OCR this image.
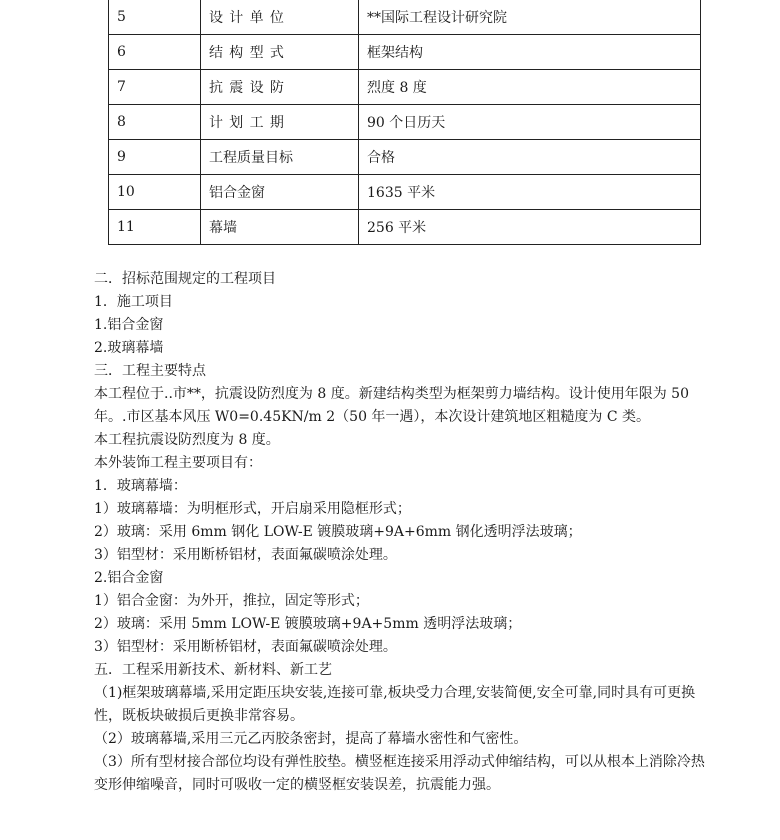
5	设计单位	**国际工程设计研究院
6	结构型式	框架结构
7	抗震设防	烈度 8 度
8	计划工期	90 个日历天
9	工程质量目标	合格
10	铝合金窗	1635 平米
11	幕墙	256 平米

二．招标范围规定的工程项目

1．施工项目

1.铝合金窗

2.玻璃幕墙

三．工程主要特点

本工程位于..市**，抗震设防烈度为 8 度。新建结构类型为框架剪力墙结构。设计使用年限为 50 年。.市区基本风压 W0=0.45KN/m 2（50 年一遇），本次设计建筑地区粗糙度为 C 类。

本工程抗震设防烈度为 8 度。

本外装饰工程主要项目有：

1．玻璃幕墙：

1）玻璃幕墙：为明框形式，开启扇采用隐框形式；

2）玻璃：采用 6mm 钢化 LOW-E 镀膜玻璃+9A+6mm 钢化透明浮法玻璃；

3）铝型材：采用断桥铝材，表面氟碳喷涂处理。

2.铝合金窗

1）铝合金窗：为外开，推拉，固定等形式；

2）玻璃：采用 5mm LOW-E 镀膜玻璃+9A+5mm 透明浮法玻璃；

3）铝型材：采用断桥铝材，表面氟碳喷涂处理。

五．工程采用新技术、新材料、新工艺

（1)框架玻璃幕墙,采用定距压块安装,连接可靠,板块受力合理,安装简便,安全可靠,同时具有可更换性，既板块破损后更换非常容易。

（2）玻璃幕墙,采用三元乙丙胶条密封，提高了幕墙水密性和气密性。

（3）所有型材接合部位均设有弹性胶垫。横竖框连接采用浮动式伸缩结构，可以从根本上消除冷热变形伸缩噪音，同时可吸收一定的横竖框安装误差，抗震能力强。
